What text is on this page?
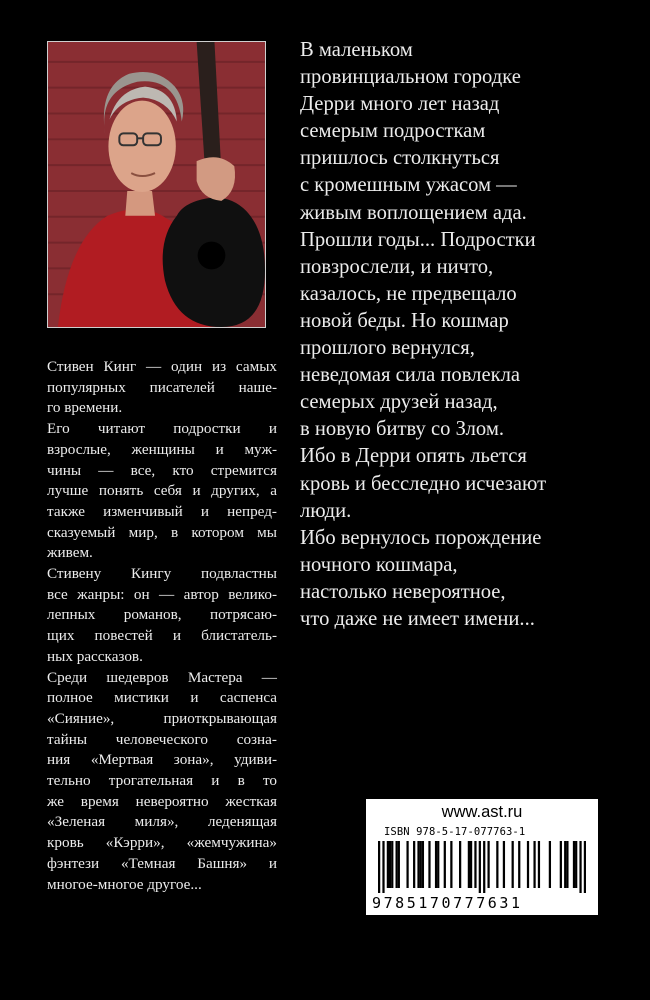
Стивен Кинг — один из самых
популярных писателей наше-
го времени.

Его читают подростки и
взрослые, женщины и муж-
чины — все, кто стремится
лучше понять себя и других, а
также изменчивый и непред-
сказуемый мир, в котором мы
живем.

Стивену Кингу подвластны
все жанры: он — автор велико-
лепных романов, потрясаю-
щих повестей и блистатель-
ных рассказов.

Среди шедевров Мастера —
полное мистики и саспенса
«Сияние», приоткрывающая
тайны человеческого созна-
ния «Мертвая зона», удиви-
тельно трогательная и в то
же время невероятно жесткая
«Зеленая миля», леденящая
кровь «Кэрри», «жемчужина»
фэнтези «Темная Башня» и
многое-многое другое...

В маленьком
провинциальном городке
Дерри много лет назад
семерым подросткам
пришлось столкнуться
с кромешным ужасом —
живым воплощением ада.

Прошли годы... Подростки
повзрослели, и ничто,
казалось, не предвещало
новой беды. Но кошмар
прошлого вернулся,
неведомая сила повлекла
семерых друзей назад,
в новую битву со Злом.

Ибо в Дерри опять льется
кровь и бесследно исчезают
люди.

Ибо вернулось порождение
ночного кошмара,
настолько невероятное,
что даже не имеет имени...

www.ast.ru
ISBN 978-5-17-077763-1
9785170777631
